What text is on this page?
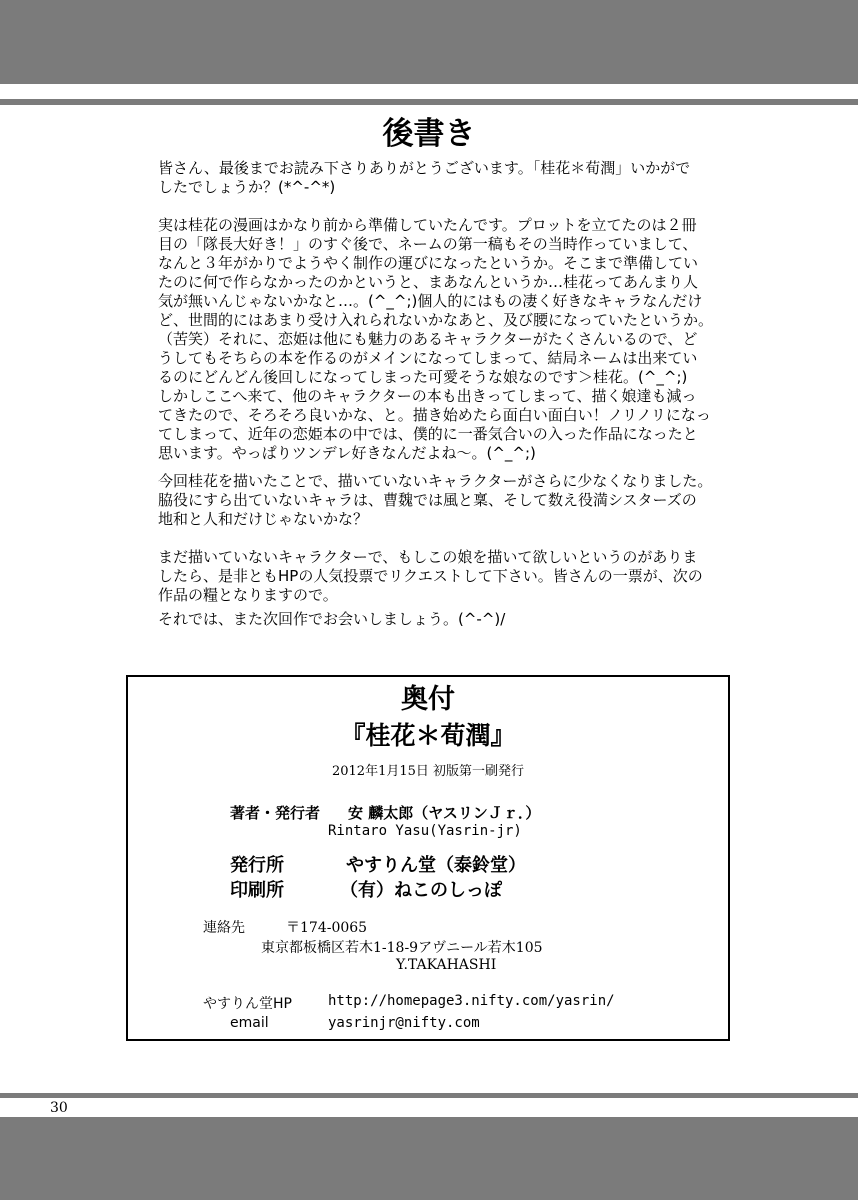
後書き

皆さん、最後までお読み下さりありがとうございます。「桂花＊荀潤」いかがで
したでしょうか？(*^-^*)

実は桂花の漫画はかなり前から準備していたんです。プロットを立てたのは２冊
目の「隊長大好き！」のすぐ後で、ネームの第一稿もその当時作っていまして、
なんと３年がかりでようやく制作の運びになったというか。そこまで準備してい
たのに何で作らなかったのかというと、まあなんというか…桂花ってあんまり人
気が無いんじゃないかなと…。(^_^;)個人的にはもの凄く好きなキャラなんだけ
ど、世間的にはあまり受け入れられないかなあと、及び腰になっていたというか。
（苦笑）それに、恋姫は他にも魅力のあるキャラクターがたくさんいるので、ど
うしてもそちらの本を作るのがメインになってしまって、結局ネームは出来てい
るのにどんどん後回しになってしまった可愛そうな娘なのです＞桂花。(^_^;)

しかしここへ来て、他のキャラクターの本も出きってしまって、描く娘達も減っ
てきたので、そろそろ良いかな、と。描き始めたら面白い面白い！ノリノリになっ
てしまって、近年の恋姫本の中では、僕的に一番気合いの入った作品になったと
思います。やっぱりツンデレ好きなんだよね～。(^_^;)

今回桂花を描いたことで、描いていないキャラクターがさらに少なくなりました。
脇役にすら出ていないキャラは、曹魏では風と稟、そして数え役満シスターズの
地和と人和だけじゃないかな？

まだ描いていないキャラクターで、もしこの娘を描いて欲しいというのがありま
したら、是非ともHPの人気投票でリクエストして下さい。皆さんの一票が、次の
作品の糧となりますので。

それでは、また次回作でお会いしましょう。(^-^)/

奥付
『桂花＊荀潤』
2012年1月15日 初版第一刷発行
著者・発行者 安 麟太郎（ヤスリンＪｒ．）
Rintaro Yasu(Yasrin-jr)
発行所	やすりん堂（泰鈴堂）
印刷所	（有）ねこのしっぽ
連絡先	〒174-0065
東京都板橋区若木1-18-9アヴニール若木105
Y.TAKAHASHI
やすりん堂HP	http://homepage3.nifty.com/yasrin/
email	yasrinjr@nifty.com
30
